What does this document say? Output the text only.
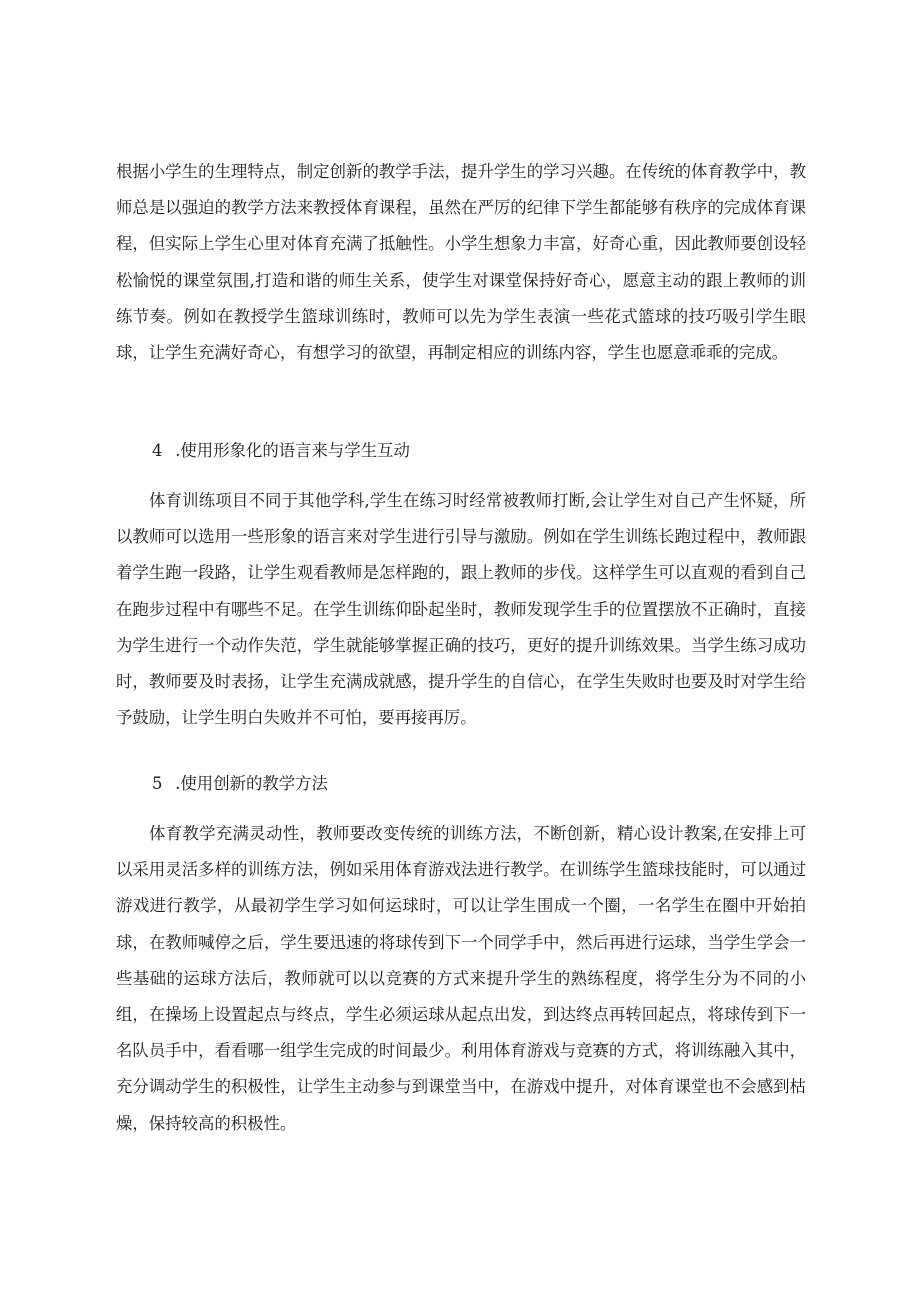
根据小学生的生理特点，制定创新的教学手法，提升学生的学习兴趣。在传统的体育教学中，教师总是以强迫的教学方法来教授体育课程，虽然在严厉的纪律下学生都能够有秩序的完成体育课程，但实际上学生心里对体育充满了抵触性。小学生想象力丰富，好奇心重，因此教师要创设轻松愉悦的课堂氛围,打造和谐的师生关系，使学生对课堂保持好奇心，愿意主动的跟上教师的训练节奏。例如在教授学生篮球训练时，教师可以先为学生表演一些花式篮球的技巧吸引学生眼球，让学生充满好奇心，有想学习的欲望，再制定相应的训练内容，学生也愿意乖乖的完成。

4 .使用形象化的语言来与学生互动

体育训练项目不同于其他学科,学生在练习时经常被教师打断,会让学生对自己产生怀疑，所以教师可以选用一些形象的语言来对学生进行引导与激励。例如在学生训练长跑过程中，教师跟着学生跑一段路，让学生观看教师是怎样跑的，跟上教师的步伐。这样学生可以直观的看到自己在跑步过程中有哪些不足。在学生训练仰卧起坐时，教师发现学生手的位置摆放不正确时，直接为学生进行一个动作失范，学生就能够掌握正确的技巧，更好的提升训练效果。当学生练习成功时，教师要及时表扬，让学生充满成就感，提升学生的自信心，在学生失败时也要及时对学生给予鼓励，让学生明白失败并不可怕，要再接再厉。

5 .使用创新的教学方法

体育教学充满灵动性，教师要改变传统的训练方法，不断创新，精心设计教案,在安排上可以采用灵活多样的训练方法，例如采用体育游戏法进行教学。在训练学生篮球技能时，可以通过游戏进行教学，从最初学生学习如何运球时，可以让学生围成一个圈，一名学生在圈中开始拍球，在教师喊停之后，学生要迅速的将球传到下一个同学手中，然后再进行运球，当学生学会一些基础的运球方法后，教师就可以以竞赛的方式来提升学生的熟练程度，将学生分为不同的小组，在操场上设置起点与终点，学生必须运球从起点出发，到达终点再转回起点，将球传到下一名队员手中，看看哪一组学生完成的时间最少。利用体育游戏与竞赛的方式，将训练融入其中，充分调动学生的积极性，让学生主动参与到课堂当中，在游戏中提升，对体育课堂也不会感到枯燥，保持较高的积极性。
